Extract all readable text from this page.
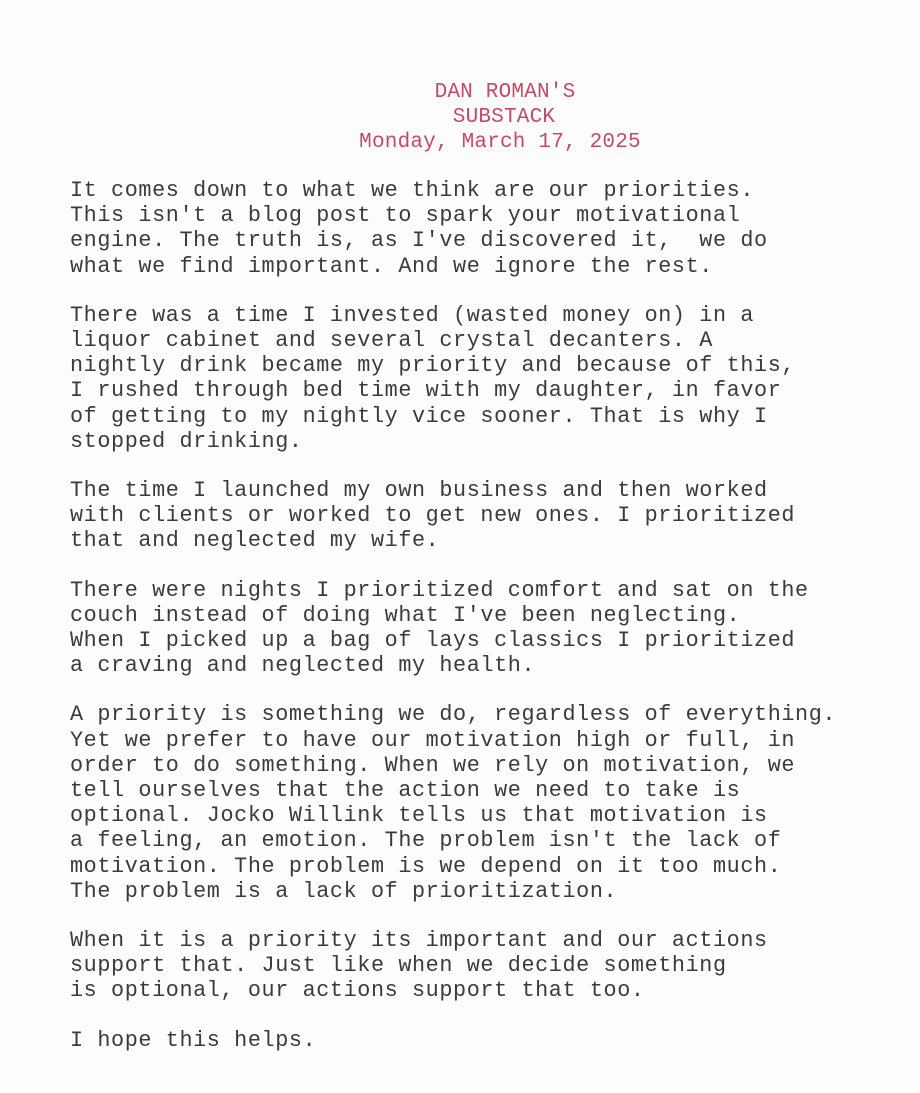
DAN ROMAN'S
SUBSTACK
Monday, March 17, 2025
It comes down to what we think are our priorities.
This isn't a blog post to spark your motivational
engine. The truth is, as I've discovered it,  we do
what we find important. And we ignore the rest.
There was a time I invested (wasted money on) in a
liquor cabinet and several crystal decanters. A
nightly drink became my priority and because of this,
I rushed through bed time with my daughter, in favor
of getting to my nightly vice sooner. That is why I
stopped drinking.
The time I launched my own business and then worked
with clients or worked to get new ones. I prioritized
that and neglected my wife.
There were nights I prioritized comfort and sat on the
couch instead of doing what I've been neglecting.
When I picked up a bag of lays classics I prioritized
a craving and neglected my health.
A priority is something we do, regardless of everything.
Yet we prefer to have our motivation high or full, in
order to do something. When we rely on motivation, we
tell ourselves that the action we need to take is
optional. Jocko Willink tells us that motivation is
a feeling, an emotion. The problem isn't the lack of
motivation. The problem is we depend on it too much.
The problem is a lack of prioritization.
When it is a priority its important and our actions
support that. Just like when we decide something
is optional, our actions support that too.
I hope this helps.
